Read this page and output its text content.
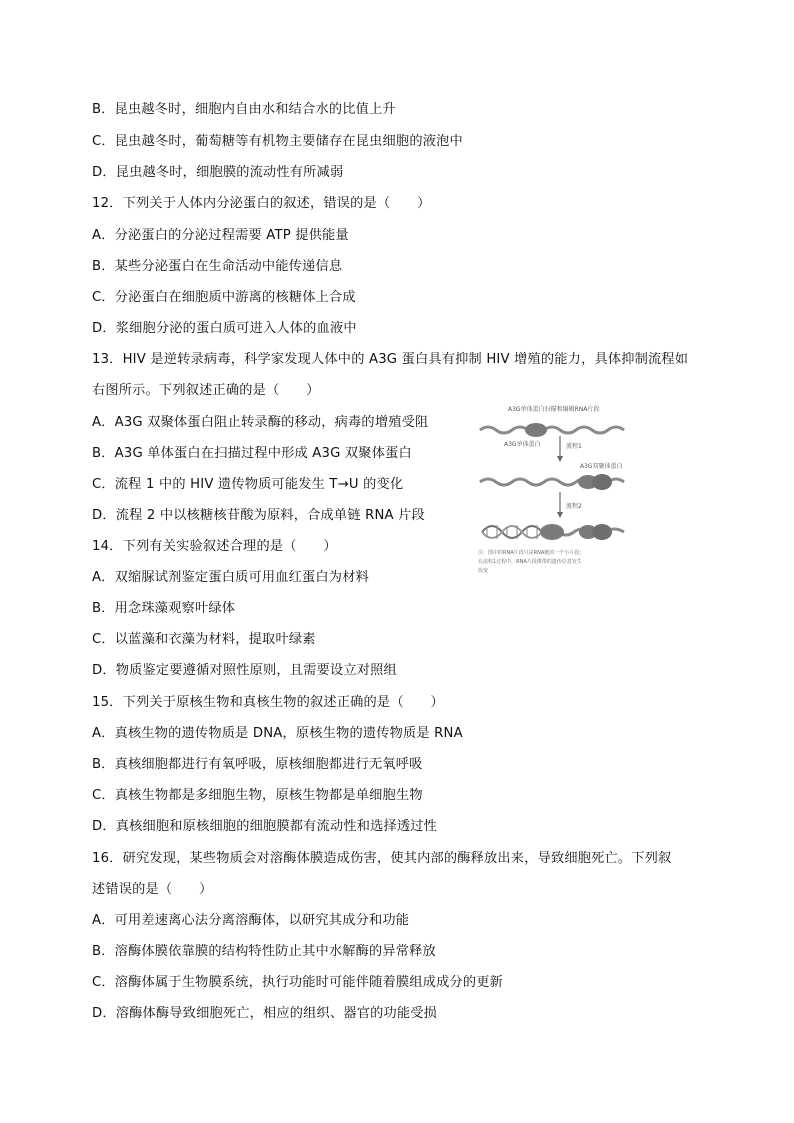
B．昆虫越冬时，细胞内自由水和结合水的比值上升
C．昆虫越冬时，葡萄糖等有机物主要储存在昆虫细胞的液泡中
D．昆虫越冬时，细胞膜的流动性有所减弱
12．下列关于人体内分泌蛋白的叙述，错误的是（　　）
A．分泌蛋白的分泌过程需要 ATP 提供能量
B．某些分泌蛋白在生命活动中能传递信息
C．分泌蛋白在细胞质中游离的核糖体上合成
D．浆细胞分泌的蛋白质可进入人体的血液中
13．HIV 是逆转录病毒，科学家发现人体中的 A3G 蛋白具有抑制 HIV 增殖的能力，具体抑制流程如
右图所示。下列叙述正确的是（　　）
A．A3G 双聚体蛋白阻止转录酶的移动，病毒的增殖受阻
B．A3G 单体蛋白在扫描过程中形成 A3G 双聚体蛋白
C．流程 1 中的 HIV 遗传物质可能发生 T→U 的变化
D．流程 2 中以核糖核苷酸为原料，合成单链 RNA 片段
14．下列有关实验叙述合理的是（　　）
A．双缩脲试剂鉴定蛋白质可用血红蛋白为材料
B．用念珠藻观察叶绿体
C．以蓝藻和衣藻为材料，提取叶绿素
D．物质鉴定要遵循对照性原则，且需要设立对照组
15．下列关于原核生物和真核生物的叙述正确的是（　　）
A．真核生物的遗传物质是 DNA，原核生物的遗传物质是 RNA
B．真核细胞都进行有氧呼吸，原核细胞都进行无氧呼吸
C．真核生物都是多细胞生物，原核生物都是单细胞生物
D．真核细胞和原核细胞的细胞膜都有流动性和选择透过性
16．研究发现，某些物质会对溶酶体膜造成伤害，使其内部的酶释放出来，导致细胞死亡。下列叙
述错误的是（　　）
A．可用差速离心法分离溶酶体，以研究其成分和功能
B．溶酶体膜依靠膜的结构特性防止其中水解酶的异常释放
C．溶酶体属于生物膜系统，执行功能时可能伴随着膜组成成分的更新
D．溶酶体酶导致细胞死亡，相应的组织、器官的功能受损
A3G单体蛋白扫描和编辑RNA片段
A3G单体蛋白	流程1
A3G双聚体蛋白
流程2
注：图中的RNA片段只是RNA链的一个小片段；
在流程1过程中，RNA片段携带的遗传信息发生
改变
